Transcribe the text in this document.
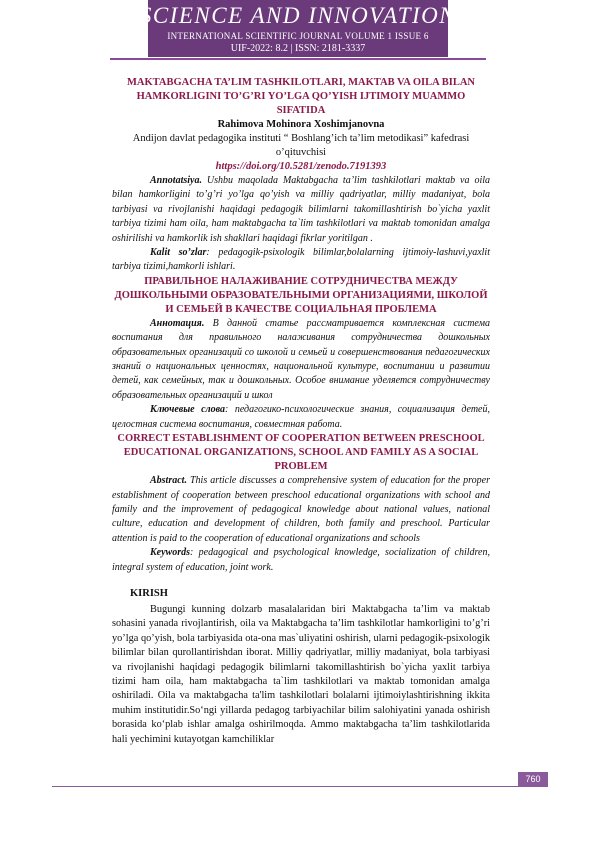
SCIENCE AND INNOVATION
INTERNATIONAL SCIENTIFIC JOURNAL VOLUME 1 ISSUE 6
UIF-2022: 8.2 | ISSN: 2181-3337

MAKTABGACHA TA’LIM TASHKILOTLARI, MAKTAB VA OILA BILAN HAMKORLIGINI TO’G’RI YO’LGA QO’YISH IJTIMOIY MUAMMO SIFATIDA

Rahimova Mohinora Xoshimjanovna

Andijon davlat pedagogika instituti “ Boshlang’ich ta’lim metodikasi” kafedrasi o’qituvchisi

https://doi.org/10.5281/zenodo.7191393

Annotatsiya. Ushbu maqolada Maktabgacha ta’lim tashkilotlari maktab va oila bilan hamkorligini to’g’ri yo’lga qo’yish va milliy qadriyatlar, milliy madaniyat, bola tarbiyasi va rivojlanishi haqidagi pedagogik bilimlarni takomillashtirish bo`yicha yaxlit tarbiya tizimi ham oila, ham maktabgacha ta`lim tashkilotlari va maktab tomonidan amalga oshirilishi va hamkorlik ish shakllari haqidagi fikrlar yoritilgan .

Kalit so’zlar: pedagogik-psixologik bilimlar,bolalarning ijtimoiy-lashuvi,yaxlit tarbiya tizimi,hamkorli ishlari.

ПРАВИЛЬНОЕ НАЛАЖИВАНИЕ СОТРУДНИЧЕСТВА МЕЖДУ ДОШКОЛЬНЫМИ ОБРАЗОВАТЕЛЬНЫМИ ОРГАНИЗАЦИЯМИ, ШКОЛОЙ И СЕМЬЕЙ В КАЧЕСТВЕ СОЦИАЛЬНАЯ ПРОБЛЕМА

Аннотация. В данной статье рассматривается комплексная система воспитания для правильного налаживания сотрудничества дошкольных образовательных организаций со школой и семьей и совершенствования педагогических знаний о национальных ценностях, национальной культуре, воспитании и развитии детей, как семейных, так и дошкольных. Особое внимание уделяется сотрудничеству образовательных организаций и школ

Ключевые слова: педагогико-психологические знания, социализация детей, целостная система воспитания, совместная работа.

CORRECT ESTABLISHMENT OF COOPERATION BETWEEN PRESCHOOL EDUCATIONAL ORGANIZATIONS, SCHOOL AND FAMILY AS A SOCIAL PROBLEM

Abstract. This article discusses a comprehensive system of education for the proper establishment of cooperation between preschool educational organizations with school and family and the improvement of pedagogical knowledge about national values, national culture, education and development of children, both family and preschool. Particular attention is paid to the cooperation of educational organizations and schools

Keywords: pedagogical and psychological knowledge, socialization of children, integral system of education, joint work.

KIRISH

Bugungi kunning dolzarb masalalaridan biri Maktabgacha ta’lim va maktab sohasini yanada rivojlantirish, oila va Maktabgacha ta’lim tashkilotlar hamkorligini to’g’ri yo’lga qo’yish, bola tarbiyasida ota-ona mas`uliyatini oshirish, ularni pedagogik-psixologik bilimlar bilan qurollantirishdan iborat. Milliy qadriyatlar, milliy madaniyat, bola tarbiyasi va rivojlanishi haqidagi pedagogik bilimlarni takomillashtirish bo`yicha yaxlit tarbiya tizimi ham oila, ham maktabgacha ta`lim tashkilotlari va maktab tomonidan amalga oshiriladi. Oila va maktabgacha ta'lim tashkilotlari bolalarni ijtimoiylashtirishning ikkita muhim institutidir.So‘ngi yillarda pedagog tarbiyachilar bilim salohiyatini yanada oshirish borasida ko‘plab ishlar amalga oshirilmoqda. Ammo maktabgacha ta’lim tashkilotlarida hali yechimini kutayotgan kamchiliklar

760
